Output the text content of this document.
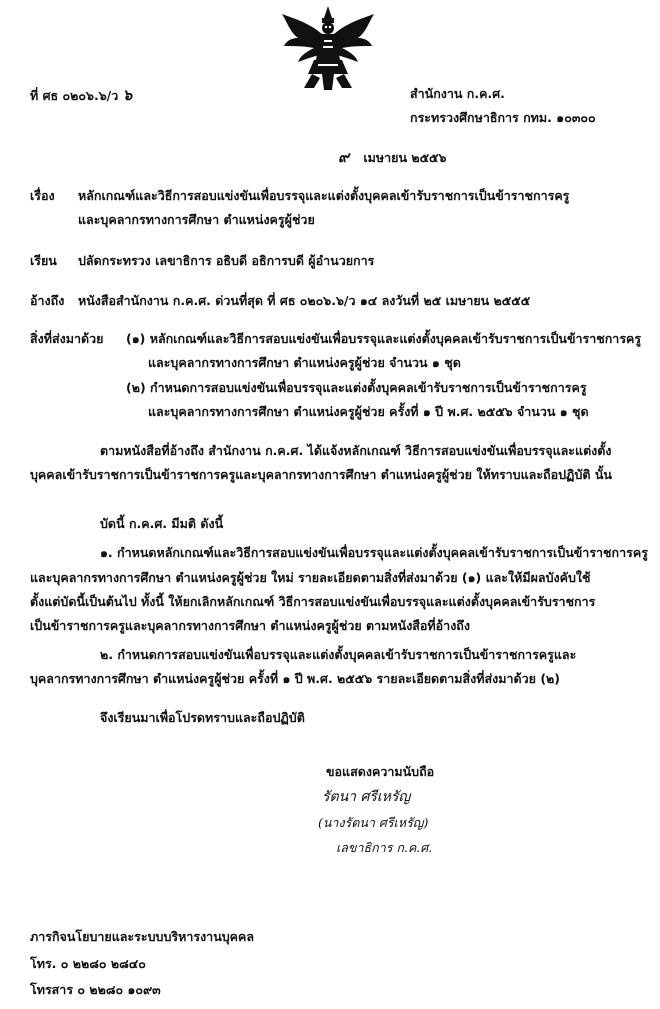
ที่ ศธ ๐๒๐๖.๖/ว ๖	สำนักงาน ก.ค.ศ.
กระทรวงศึกษาธิการ กทม. ๑๐๓๐๐
๙ เมษายน ๒๕๕๖
เรื่อง หลักเกณฑ์และวิธีการสอบแข่งขันเพื่อบรรจุและแต่งตั้งบุคคลเข้ารับราชการเป็นข้าราชการครู
และบุคลากรทางการศึกษา ตำแหน่งครูผู้ช่วย
เรียน ปลัดกระทรวง เลขาธิการ อธิบดี อธิการบดี ผู้อำนวยการ
อ้างถึง หนังสือสำนักงาน ก.ค.ศ. ด่วนที่สุด ที่ ศธ ๐๒๐๖.๖/ว ๑๔ ลงวันที่ ๒๕ เมษายน ๒๕๕๕
สิ่งที่ส่งมาด้วย (๑) หลักเกณฑ์และวิธีการสอบแข่งขันเพื่อบรรจุและแต่งตั้งบุคคลเข้ารับราชการเป็นข้าราชการครู
และบุคลากรทางการศึกษา ตำแหน่งครูผู้ช่วย จำนวน ๑ ชุด
(๒) กำหนดการสอบแข่งขันเพื่อบรรจุและแต่งตั้งบุคคลเข้ารับราชการเป็นข้าราชการครู
และบุคลากรทางการศึกษา ตำแหน่งครูผู้ช่วย ครั้งที่ ๑ ปี พ.ศ. ๒๕๕๖ จำนวน ๑ ชุด
ตามหนังสือที่อ้างถึง สำนักงาน ก.ค.ศ. ได้แจ้งหลักเกณฑ์ วิธีการสอบแข่งขันเพื่อบรรจุและแต่งตั้ง
บุคคลเข้ารับราชการเป็นข้าราชการครูและบุคลากรทางการศึกษา ตำแหน่งครูผู้ช่วย ให้ทราบและถือปฏิบัติ นั้น
บัดนี้ ก.ค.ศ. มีมติ ดังนี้
๑. กำหนดหลักเกณฑ์และวิธีการสอบแข่งขันเพื่อบรรจุและแต่งตั้งบุคคลเข้ารับราชการเป็นข้าราชการครู
และบุคลากรทางการศึกษา ตำแหน่งครูผู้ช่วย ใหม่ รายละเอียดตามสิ่งที่ส่งมาด้วย (๑) และให้มีผลบังคับใช้
ตั้งแต่บัดนี้เป็นต้นไป ทั้งนี้ ให้ยกเลิกหลักเกณฑ์ วิธีการสอบแข่งขันเพื่อบรรจุและแต่งตั้งบุคคลเข้ารับราชการ
เป็นข้าราชการครูและบุคลากรทางการศึกษา ตำแหน่งครูผู้ช่วย ตามหนังสือที่อ้างถึง
๒. กำหนดการสอบแข่งขันเพื่อบรรจุและแต่งตั้งบุคคลเข้ารับราชการเป็นข้าราชการครูและ
บุคลากรทางการศึกษา ตำแหน่งครูผู้ช่วย ครั้งที่ ๑ ปี พ.ศ. ๒๕๕๖ รายละเอียดตามสิ่งที่ส่งมาด้วย (๒)
จึงเรียนมาเพื่อโปรดทราบและถือปฏิบัติ
ขอแสดงความนับถือ
รัตนา ศรีเหรัญ
(นางรัตนา ศรีเหรัญ)
เลขาธิการ ก.ค.ศ.
ภารกิจนโยบายและระบบบริหารงานบุคคล
โทร. ๐ ๒๒๘๐ ๒๘๔๐
โทรสาร ๐ ๒๒๘๐ ๑๐๙๓
